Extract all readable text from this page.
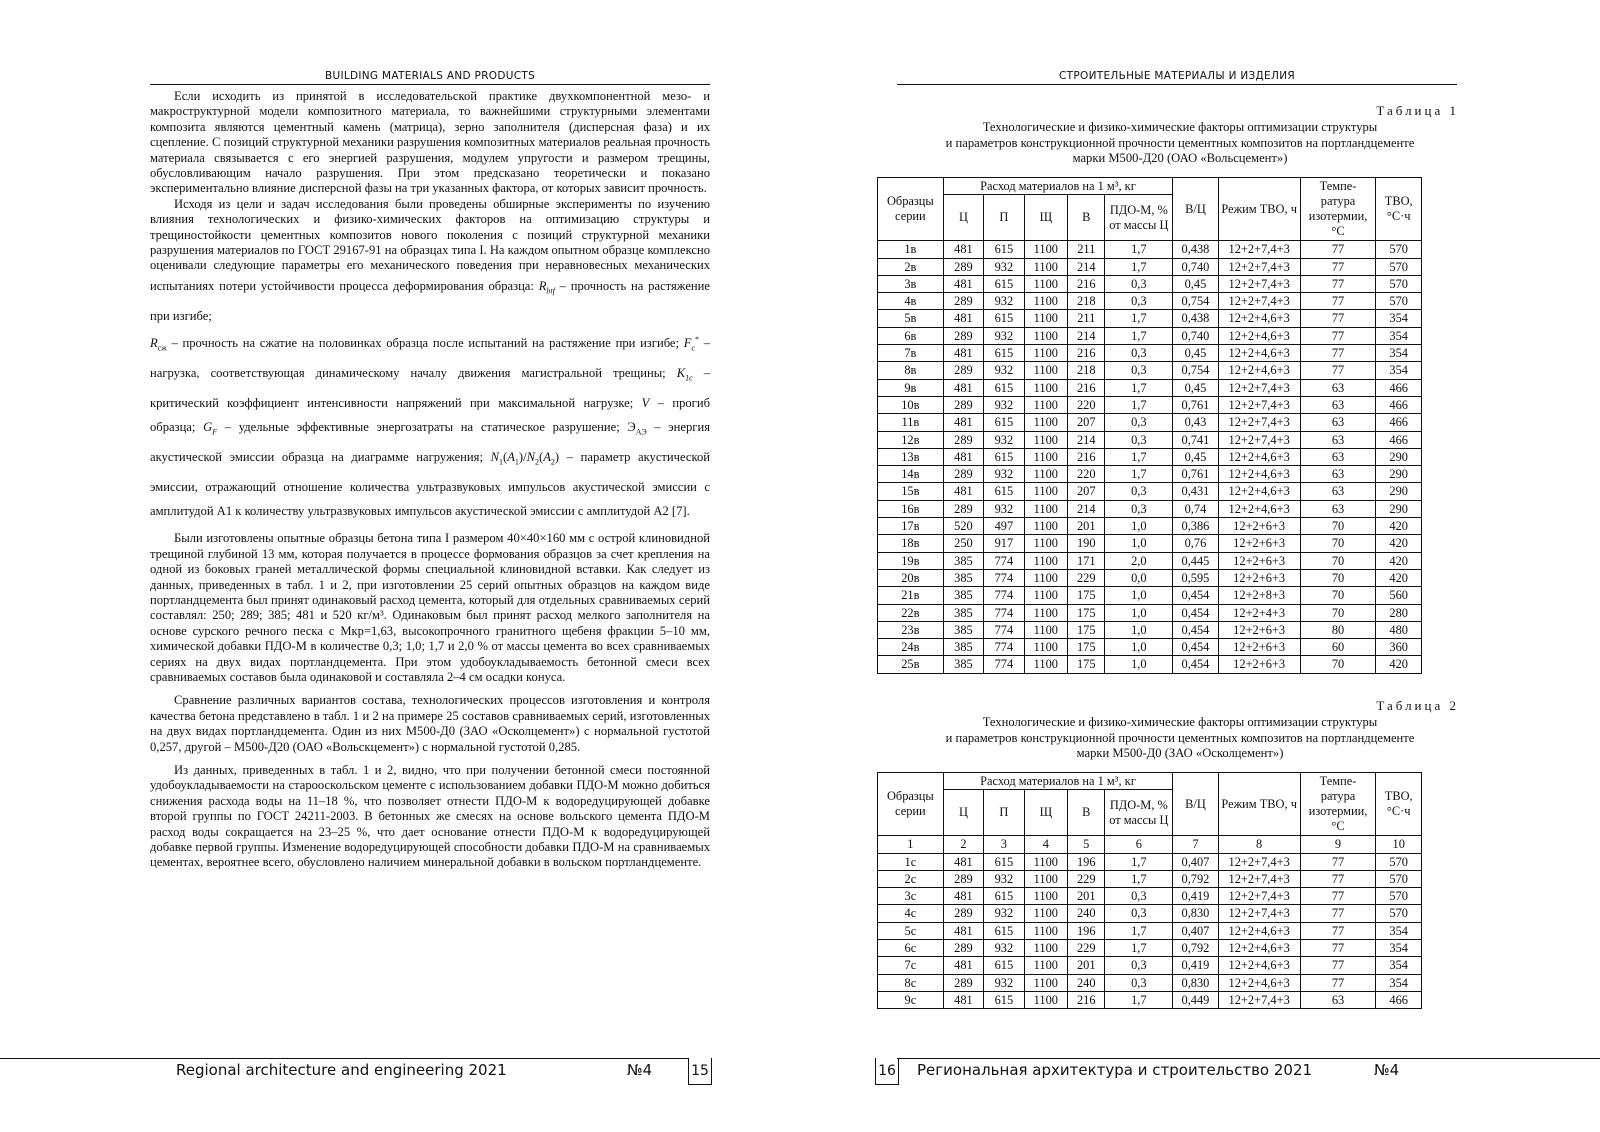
BUILDING MATERIALS AND PRODUCTS

Если исходить из принятой в исследовательской практике двухкомпонентной мезо- и макроструктурной модели композитного материала, то важнейшими структурными элементами композита являются цементный камень (матрица), зерно заполнителя (дисперсная фаза) и их сцепление. С позиций структурной механики разрушения композитных материалов реальная прочность материала связывается с его энергией разрушения, модулем упругости и размером трещины, обусловливающим начало разрушения. При этом предсказано теоретически и показано экспериментально влияние дисперсной фазы на три указанных фактора, от которых зависит прочность.

Исходя из цели и задач исследования были проведены обширные эксперименты по изучению влияния технологических и физико-химических факторов на оптимизацию структуры и трещиностойкости цементных композитов нового поколения с позиций структурной механики разрушения материалов по ГОСТ 29167-91 на образцах типа I. На каждом опытном образце комплексно оценивали следующие параметры его механического поведения при неравновесных механических испытаниях потери устойчивости процесса деформирования образца: $R_{btf}$ – прочность на растяжение при изгибе;

$R_{сж}$ – прочность на сжатие на половинках образца после испытаний на растяжение при изгибе; $F_c^*$ – нагрузка, соответствующая динамическому началу движения магистральной трещины; $K_{1c}$ – критический коэффициент интенсивности напряжений при максимальной нагрузке; V – прогиб образца; $G_F$ – удельные эффективные энергозатраты на статическое разрушение; $Э_{АЭ}$ – энергия акустической эмиссии образца на диаграмме нагружения; $N_1(A_1)/N_2(A_2)$ – параметр акустической эмиссии, отражающий отношение количества ультразвуковых импульсов акустической эмиссии с амплитудой A1 к количеству ультразвуковых импульсов акустической эмиссии с амплитудой A2 [7].

Были изготовлены опытные образцы бетона типа I размером 40×40×160 мм с острой клиновидной трещиной глубиной 13 мм, которая получается в процессе формования образцов за счет крепления на одной из боковых граней металлической формы специальной клиновидной вставки. Как следует из данных, приведенных в табл. 1 и 2, при изготовлении 25 серий опытных образцов на каждом виде портландцемента был принят одинаковый расход цемента, который для отдельных сравниваемых серий составлял: 250; 289; 385; 481 и 520 кг/м³. Одинаковым был принят расход мелкого заполнителя на основе сурского речного песка с Мкр=1,63, высокопрочного гранитного щебеня фракции 5–10 мм, химической добавки ПДО-М в количестве 0,3; 1,0; 1,7 и 2,0 % от массы цемента во всех сравниваемых сериях на двух видах портландцемента. При этом удобоукладываемость бетонной смеси всех сравниваемых составов была одинаковой и составляла 2–4 см осадки конуса.

Сравнение различных вариантов состава, технологических процессов изготовления и контроля качества бетона представлено в табл. 1 и 2 на примере 25 составов сравниваемых серий, изготовленных на двух видах портландцемента. Один из них М500-Д0 (ЗАО «Осколцемент») с нормальной густотой 0,257, другой – М500-Д20 (ОАО «Вольскцемент») с нормальной густотой 0,285.

Из данных, приведенных в табл. 1 и 2, видно, что при получении бетонной смеси постоянной удобоукладываемости на старооскольском цементе с использованием добавки ПДО-М можно добиться снижения расхода воды на 11–18 %, что позволяет отнести ПДО-М к водоредуцирующей добавке второй группы по ГОСТ 24211-2003. В бетонных же смесях на основе вольского цемента ПДО-М расход воды сокращается на 23–25 %, что дает основание отнести ПДО-М к водоредуцирующей добавке первой группы. Изменение водоредуцирующей способности добавки ПДО-М на сравниваемых цементах, вероятнее всего, обусловлено наличием минеральной добавки в вольском портландцементе.

Regional architecture and engineering 2021	№4	15
СТРОИТЕЛЬНЫЕ МАТЕРИАЛЫ И ИЗДЕЛИЯ
Таблица 1
Технологические и физико-химические факторы оптимизации структуры
и параметров конструкционной прочности цементных композитов на портландцементе
марки М500-Д20 (ОАО «Вольсцемент»)
Образцы серии	Расход материалов на 1 м³, кг					В/Ц	Режим ТВО, ч	Темпе-ратура изотермии, °С	ТВО, °С·ч
	Ц	П	Щ	В	ПДО-М, % от массы Ц				
1в	481	615	1100	211	1,7	0,438	12+2+7,4+3	77	570
2в	289	932	1100	214	1,7	0,740	12+2+7,4+3	77	570
3в	481	615	1100	216	0,3	0,45	12+2+7,4+3	77	570
4в	289	932	1100	218	0,3	0,754	12+2+7,4+3	77	570
5в	481	615	1100	211	1,7	0,438	12+2+4,6+3	77	354
6в	289	932	1100	214	1,7	0,740	12+2+4,6+3	77	354
7в	481	615	1100	216	0,3	0,45	12+2+4,6+3	77	354
8в	289	932	1100	218	0,3	0,754	12+2+4,6+3	77	354
9в	481	615	1100	216	1,7	0,45	12+2+7,4+3	63	466
10в	289	932	1100	220	1,7	0,761	12+2+7,4+3	63	466
11в	481	615	1100	207	0,3	0,43	12+2+7,4+3	63	466
12в	289	932	1100	214	0,3	0,741	12+2+7,4+3	63	466
13в	481	615	1100	216	1,7	0,45	12+2+4,6+3	63	290
14в	289	932	1100	220	1,7	0,761	12+2+4,6+3	63	290
15в	481	615	1100	207	0,3	0,431	12+2+4,6+3	63	290
16в	289	932	1100	214	0,3	0,74	12+2+4,6+3	63	290
17в	520	497	1100	201	1,0	0,386	12+2+6+3	70	420
18в	250	917	1100	190	1,0	0,76	12+2+6+3	70	420
19в	385	774	1100	171	2,0	0,445	12+2+6+3	70	420
20в	385	774	1100	229	0,0	0,595	12+2+6+3	70	420
21в	385	774	1100	175	1,0	0,454	12+2+8+3	70	560
22в	385	774	1100	175	1,0	0,454	12+2+4+3	70	280
23в	385	774	1100	175	1,0	0,454	12+2+6+3	80	480
24в	385	774	1100	175	1,0	0,454	12+2+6+3	60	360
25в	385	774	1100	175	1,0	0,454	12+2+6+3	70	420
Таблица 2
Технологические и физико-химические факторы оптимизации структуры
и параметров конструкционной прочности цементных композитов на портландцементе
марки М500-Д0 (ЗАО «Осколцемент»)
Образцы серии	Расход материалов на 1 м³, кг					В/Ц	Режим ТВО, ч	Темпе-ратура изотермии, °С	ТВО, °С·ч
	Ц	П	Щ	В	ПДО-М, % от массы Ц				
1	2	3	4	5	6	7	8	9	10
1с	481	615	1100	196	1,7	0,407	12+2+7,4+3	77	570
2с	289	932	1100	229	1,7	0,792	12+2+7,4+3	77	570
3с	481	615	1100	201	0,3	0,419	12+2+7,4+3	77	570
4с	289	932	1100	240	0,3	0,830	12+2+7,4+3	77	570
5с	481	615	1100	196	1,7	0,407	12+2+4,6+3	77	354
6с	289	932	1100	229	1,7	0,792	12+2+4,6+3	77	354
7с	481	615	1100	201	0,3	0,419	12+2+4,6+3	77	354
8с	289	932	1100	240	0,3	0,830	12+2+4,6+3	77	354
9с	481	615	1100	216	1,7	0,449	12+2+7,4+3	63	466
16 Региональная архитектура и строительство 2021	№4
